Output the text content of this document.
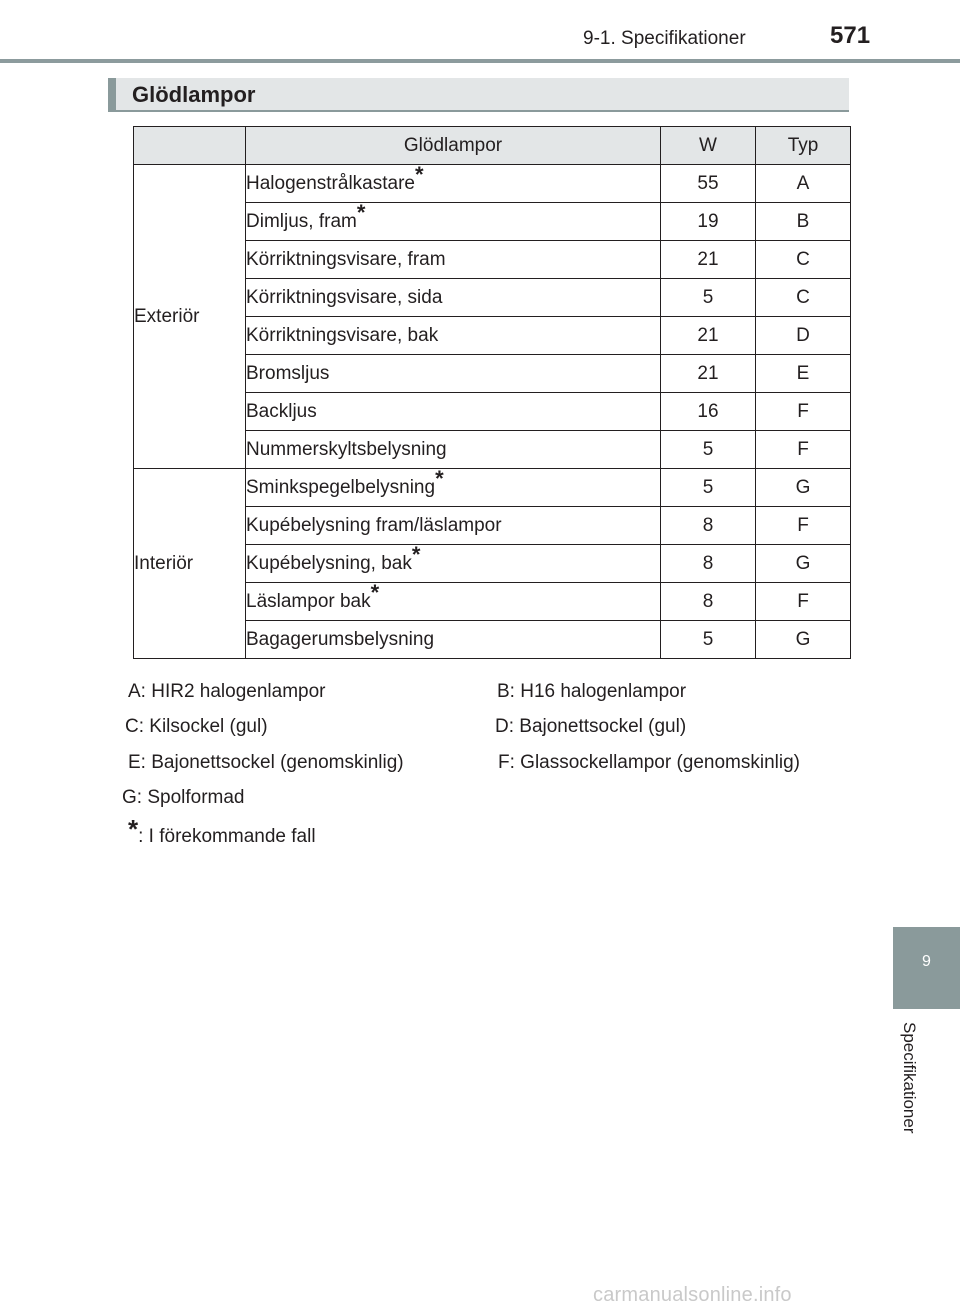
9-1. Specifikationer	571
Glödlampor
	Glödlampor	W	Typ
Exteriör	Halogenstrålkastare*	55	A
	Dimljus, fram*	19	B
	Körriktningsvisare, fram	21	C
	Körriktningsvisare, sida	5	C
	Körriktningsvisare, bak	21	D
	Bromsljus	21	E
	Backljus	16	F
	Nummerskyltsbelysning	5	F
Interiör	Sminkspegelbelysning*	5	G
	Kupébelysning fram/läslampor	8	F
	Kupébelysning, bak*	8	G
	Läslampor bak*	8	F
	Bagagerumsbelysning	5	G
A: HIR2 halogenlampor	B: H16 halogenlampor
C: Kilsockel (gul)	D: Bajonettsockel (gul)
E: Bajonettsockel (genomskinlig)	F: Glassockellampor (genomskinlig)
G: Spolformad
*: I förekommande fall
9
Specifikationer
carmanualsonline.info
